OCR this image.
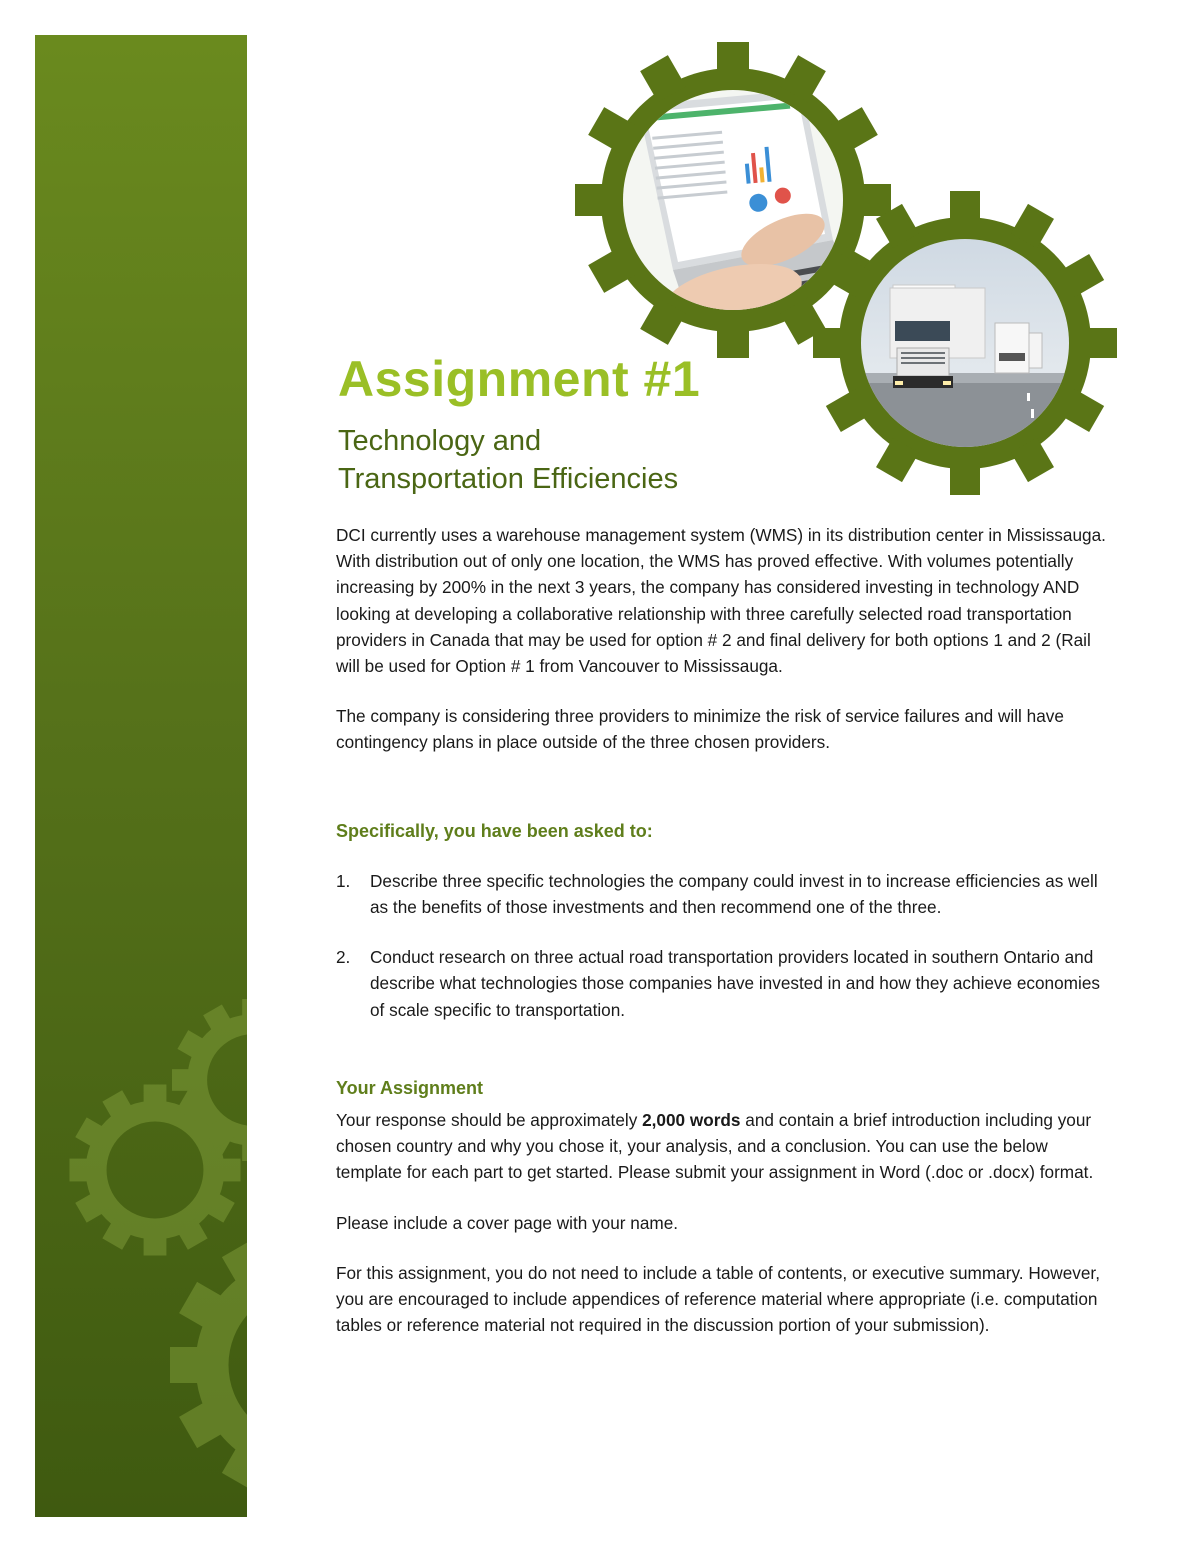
Assignment #1
Technology and
Transportation Efficiencies

DCI currently uses a warehouse management system (WMS) in its distribution center in Mississauga. With distribution out of only one location, the WMS has proved effective. With volumes potentially increasing by 200% in the next 3 years, the company has considered investing in technology AND looking at developing a collaborative relationship with three carefully selected road transportation providers in Canada that may be used for option # 2 and final delivery for both options 1 and 2 (Rail will be used for Option # 1 from Vancouver to Mississauga.

The company is considering three providers to minimize the risk of service failures and will have contingency plans in place outside of the three chosen providers.

Specifically, you have been asked to:

1.	Describe three specific technologies the company could invest in to increase efficiencies as well as the benefits of those investments and then recommend one of the three.
2.	Conduct research on three actual road transportation providers located in southern Ontario and describe what technologies those companies have invested in and how they achieve economies of scale specific to transportation.

Your Assignment

Your response should be approximately 2,000 words and contain a brief introduction including your chosen country and why you chose it, your analysis, and a conclusion. You can use the below template for each part to get started. Please submit your assignment in Word (.doc or .docx) format.

Please include a cover page with your name.

For this assignment, you do not need to include a table of contents, or executive summary. However, you are encouraged to include appendices of reference material where appropriate (i.e. computation tables or reference material not required in the discussion portion of your submission).
